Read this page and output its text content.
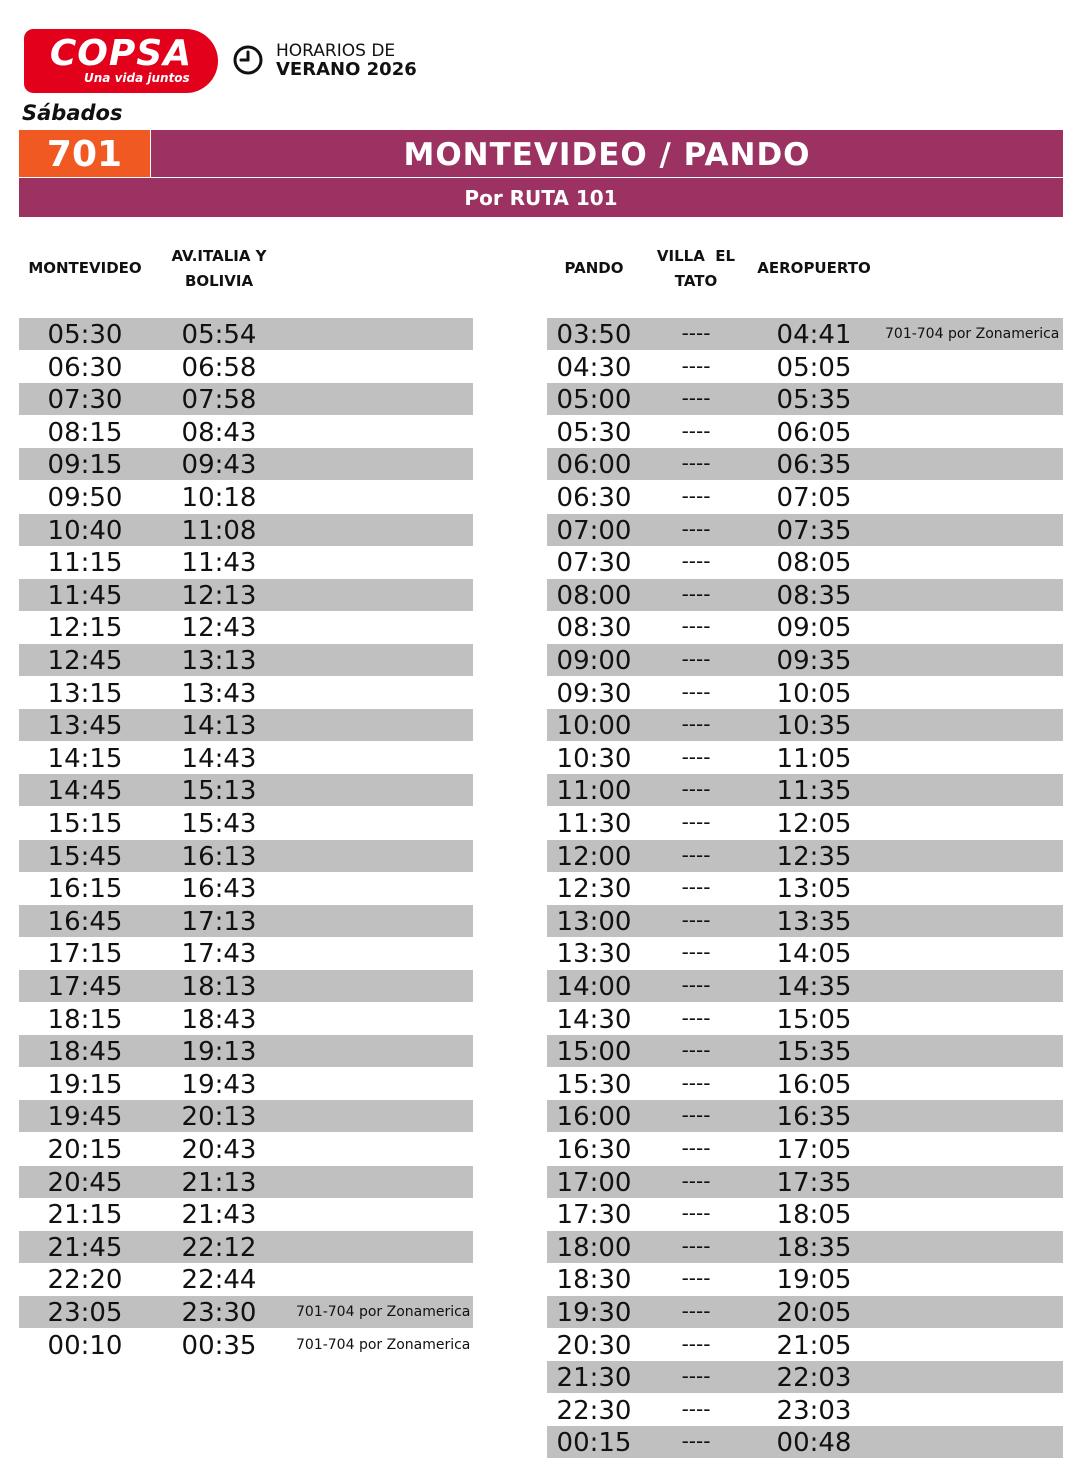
COPSA
Una vida juntos
HORARIOS DE
VERANO 2026
Sábados
701	MONTEVIDEO / PANDO
Por RUTA 101
MONTEVIDEO
AV.ITALIA Y
BOLIVIA
PANDO
VILLA  EL
TATO
AEROPUERTO
05:30	05:54
06:30	06:58
07:30	07:58
08:15	08:43
09:15	09:43
09:50	10:18
10:40	11:08
11:15	11:43
11:45	12:13
12:15	12:43
12:45	13:13
13:15	13:43
13:45	14:13
14:15	14:43
14:45	15:13
15:15	15:43
15:45	16:13
16:15	16:43
16:45	17:13
17:15	17:43
17:45	18:13
18:15	18:43
18:45	19:13
19:15	19:43
19:45	20:13
20:15	20:43
20:45	21:13
21:15	21:43
21:45	22:12
22:20	22:44
23:05	23:30	701-704 por Zonamerica
00:10	00:35	701-704 por Zonamerica
03:50	----	04:41	701-704 por Zonamerica
04:30	----	05:05
05:00	----	05:35
05:30	----	06:05
06:00	----	06:35
06:30	----	07:05
07:00	----	07:35
07:30	----	08:05
08:00	----	08:35
08:30	----	09:05
09:00	----	09:35
09:30	----	10:05
10:00	----	10:35
10:30	----	11:05
11:00	----	11:35
11:30	----	12:05
12:00	----	12:35
12:30	----	13:05
13:00	----	13:35
13:30	----	14:05
14:00	----	14:35
14:30	----	15:05
15:00	----	15:35
15:30	----	16:05
16:00	----	16:35
16:30	----	17:05
17:00	----	17:35
17:30	----	18:05
18:00	----	18:35
18:30	----	19:05
19:30	----	20:05
20:30	----	21:05
21:30	----	22:03
22:30	----	23:03
00:15	----	00:48
